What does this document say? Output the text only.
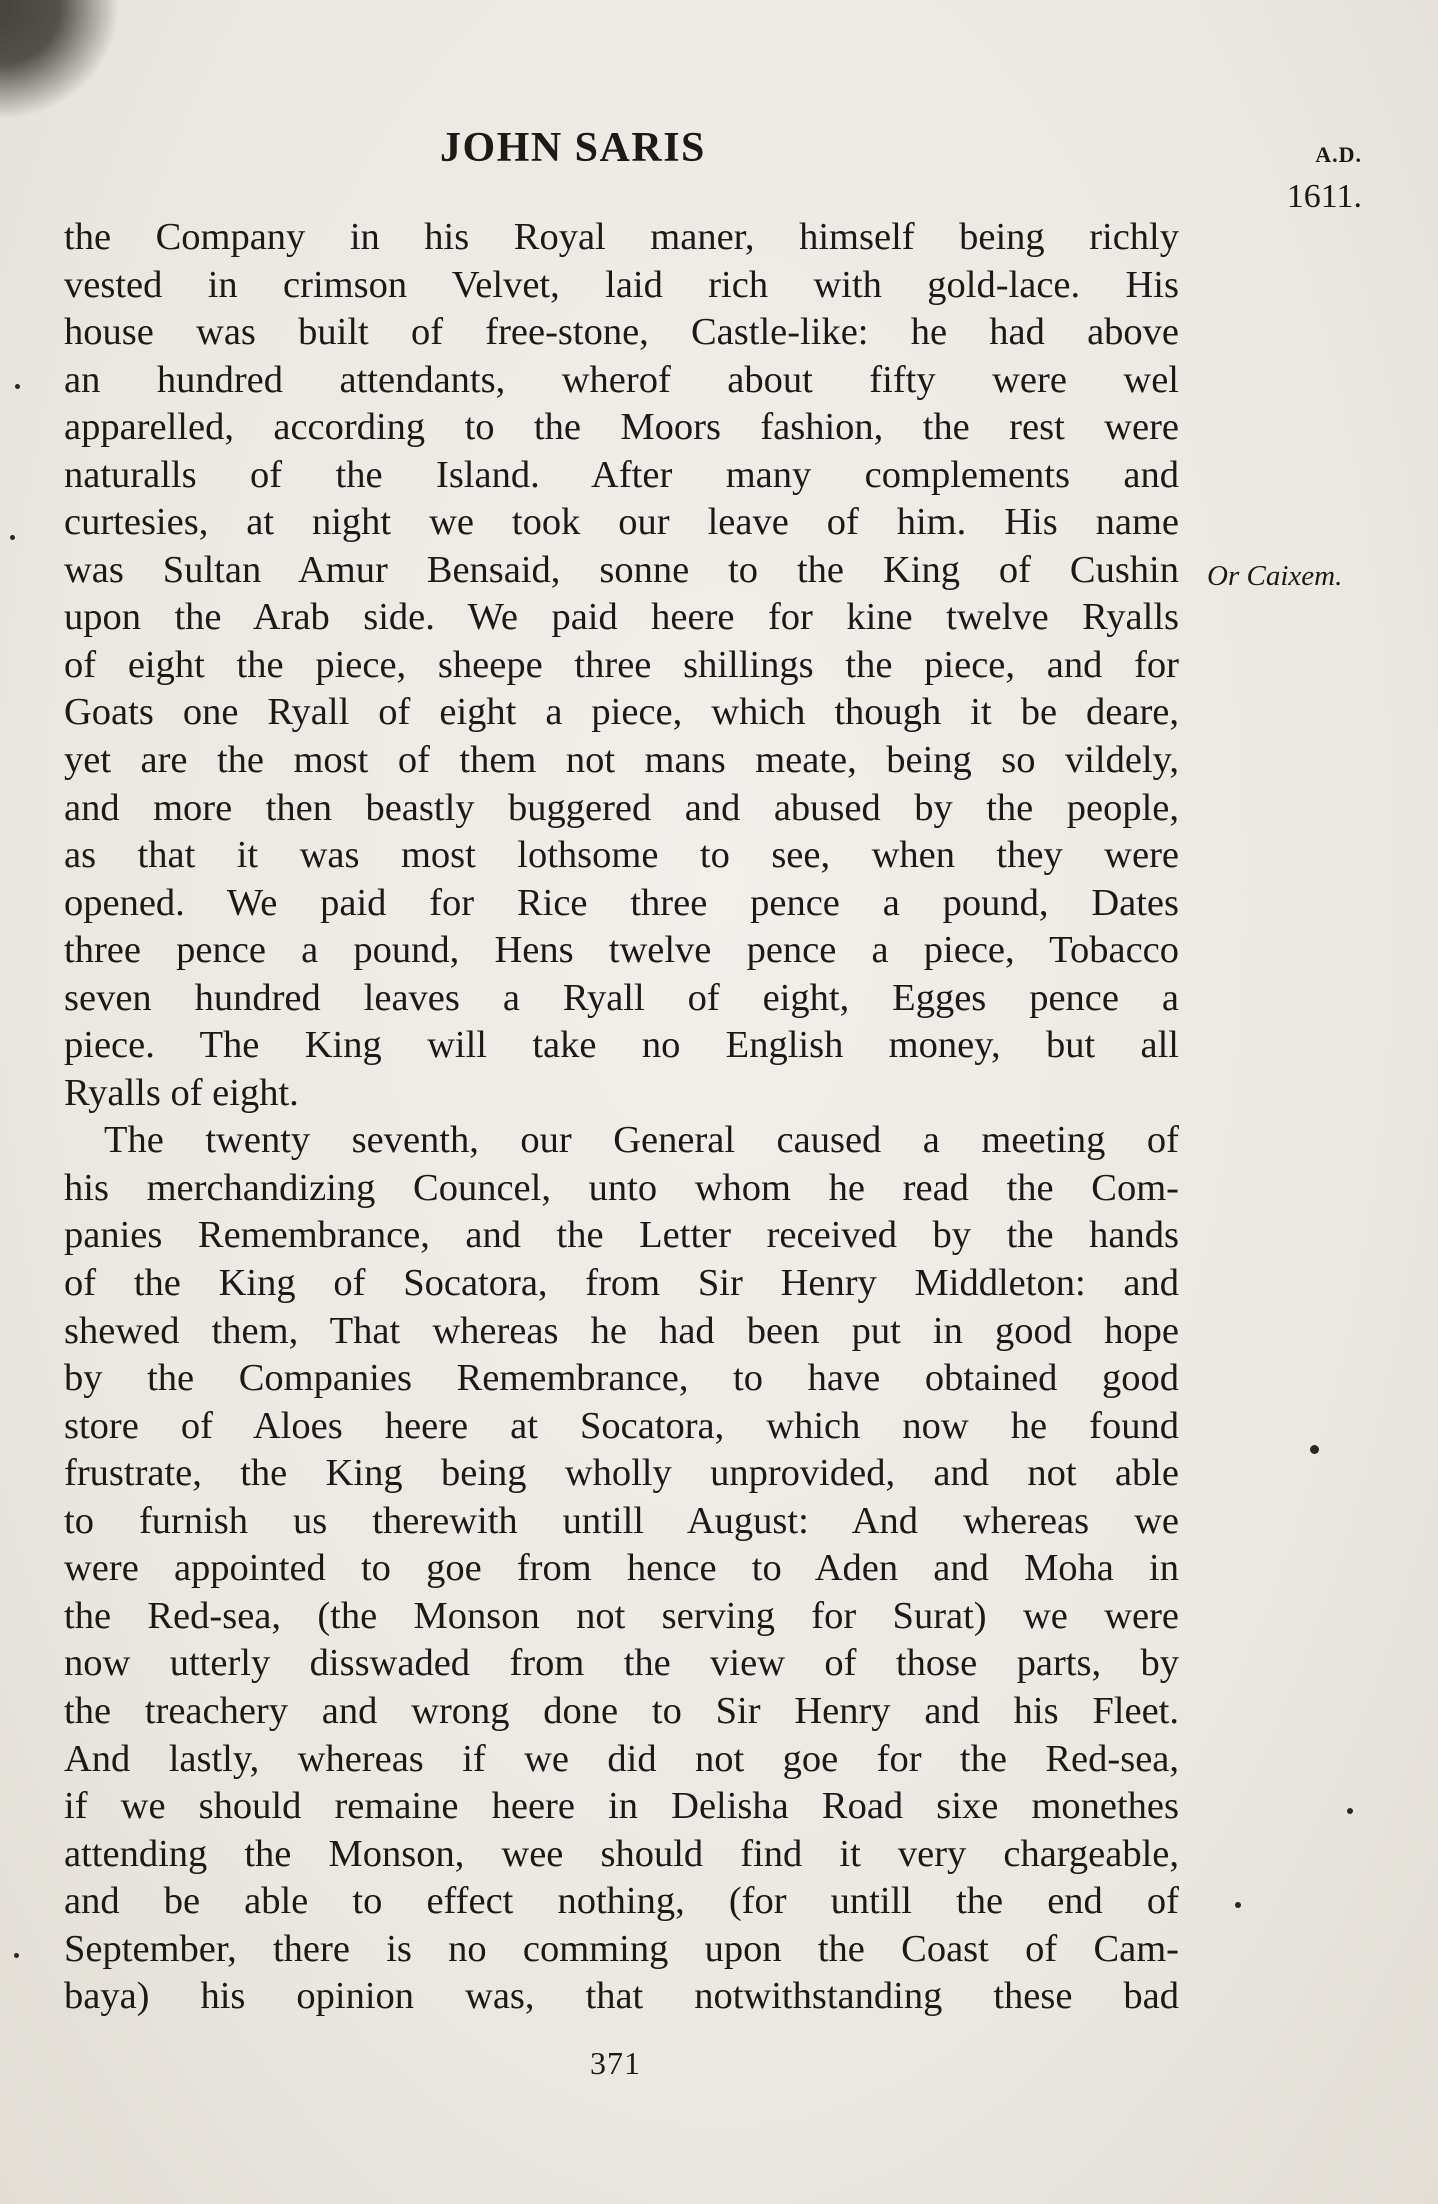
JOHN SARIS	A.D.
1611.
Or Caixem.
the Company in his Royal maner, himself being richly
vested in crimson Velvet, laid rich with gold-lace. His
house was built of free-stone, Castle-like: he had above
an hundred attendants, wherof about fifty were wel
apparelled, according to the Moors fashion, the rest were
naturalls of the Island. After many complements and
curtesies, at night we took our leave of him. His name
was Sultan Amur Bensaid, sonne to the King of Cushin
upon the Arab side. We paid heere for kine twelve Ryalls
of eight the piece, sheepe three shillings the piece, and for
Goats one Ryall of eight a piece, which though it be deare,
yet are the most of them not mans meate, being so vildely,
and more then beastly buggered and abused by the people,
as that it was most lothsome to see, when they were
opened. We paid for Rice three pence a pound, Dates
three pence a pound, Hens twelve pence a piece, Tobacco
seven hundred leaves a Ryall of eight, Egges pence a
piece. The King will take no English money, but all
Ryalls of eight.
The twenty seventh, our General caused a meeting of
his merchandizing Councel, unto whom he read the Com-
panies Remembrance, and the Letter received by the hands
of the King of Socatora, from Sir Henry Middleton: and
shewed them, That whereas he had been put in good hope
by the Companies Remembrance, to have obtained good
store of Aloes heere at Socatora, which now he found
frustrate, the King being wholly unprovided, and not able
to furnish us therewith untill August: And whereas we
were appointed to goe from hence to Aden and Moha in
the Red-sea, (the Monson not serving for Surat) we were
now utterly disswaded from the view of those parts, by
the treachery and wrong done to Sir Henry and his Fleet.
And lastly, whereas if we did not goe for the Red-sea,
if we should remaine heere in Delisha Road sixe monethes
attending the Monson, wee should find it very chargeable,
and be able to effect nothing, (for untill the end of
September, there is no comming upon the Coast of Cam-
baya) his opinion was, that notwithstanding these bad
371
